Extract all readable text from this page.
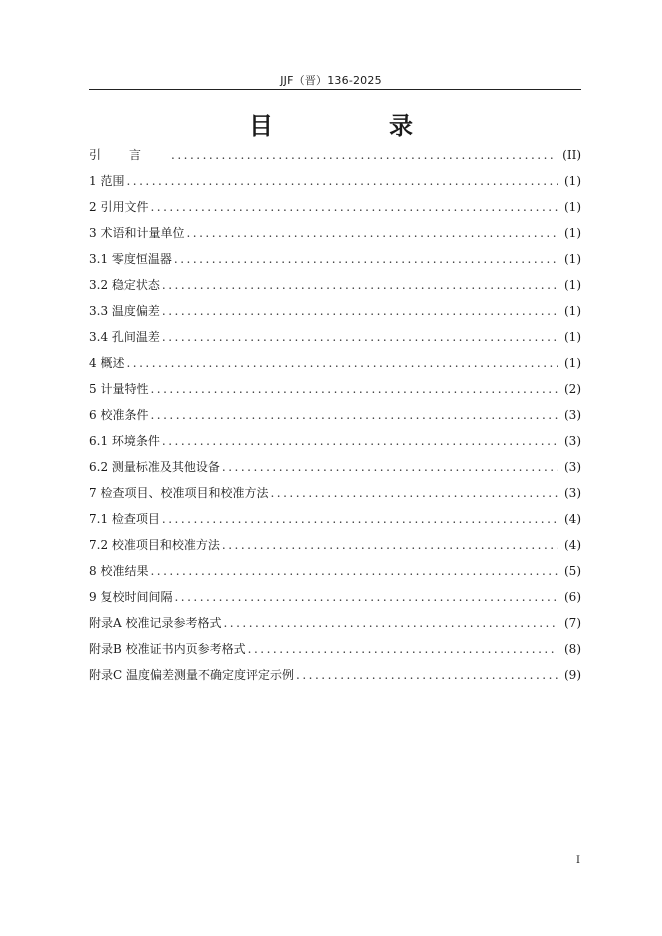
JJF（晋）136-2025
目　录
引言 .....	(II)
1 范围 .....	(1)
2 引用文件 .....	(1)
3 术语和计量单位 .....	(1)
3.1 零度恒温器 .....	(1)
3.2 稳定状态 .....	(1)
3.3 温度偏差 .....	(1)
3.4 孔间温差 .....	(1)
4 概述 .....	(1)
5 计量特性 .....	(2)
6 校准条件 .....	(3)
6.1 环境条件 .....	(3)
6.2 测量标准及其他设备 .....	(3)
7 检查项目、校准项目和校准方法 .....	(3)
7.1 检查项目 .....	(4)
7.2 校准项目和校准方法 .....	(4)
8 校准结果 .....	(5)
9 复校时间间隔 .....	(6)
附录A 校准记录参考格式 .....	(7)
附录B 校准证书内页参考格式 .....	(8)
附录C 温度偏差测量不确定度评定示例 .....	(9)
I
